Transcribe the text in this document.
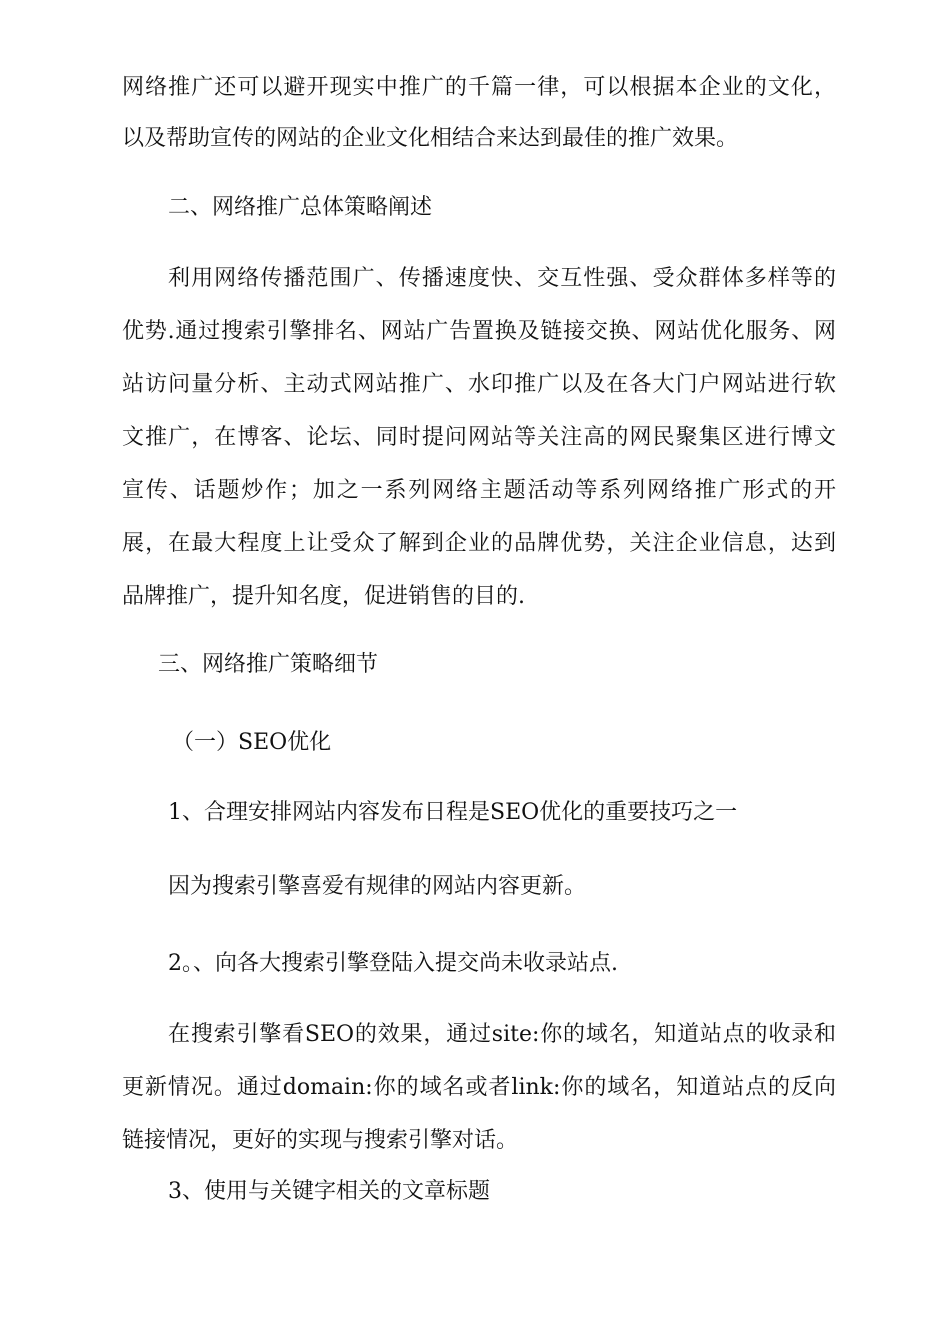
网络推广还可以避开现实中推广的千篇一律，可以根据本企业的文化，
以及帮助宣传的网站的企业文化相结合来达到最佳的推广效果。
二、网络推广总体策略阐述
利用网络传播范围广、传播速度快、交互性强、受众群体多样等的
优势.通过搜索引擎排名、网站广告置换及链接交换、网站优化服务、网
站访问量分析、主动式网站推广、水印推广以及在各大门户网站进行软
文推广，在博客、论坛、同时提问网站等关注高的网民聚集区进行博文
宣传、话题炒作；加之一系列网络主题活动等系列网络推广形式的开
展，在最大程度上让受众了解到企业的品牌优势，关注企业信息，达到
品牌推广，提升知名度，促进销售的目的.
三、网络推广策略细节
（一）SEO优化
1、合理安排网站内容发布日程是SEO优化的重要技巧之一
因为搜索引擎喜爱有规律的网站内容更新。
2。、向各大搜索引擎登陆入提交尚未收录站点.
在搜索引擎看SEO的效果，通过site:你的域名，知道站点的收录和
更新情况。通过domain:你的域名或者link:你的域名，知道站点的反向
链接情况，更好的实现与搜索引擎对话。
3、使用与关键字相关的文章标题
